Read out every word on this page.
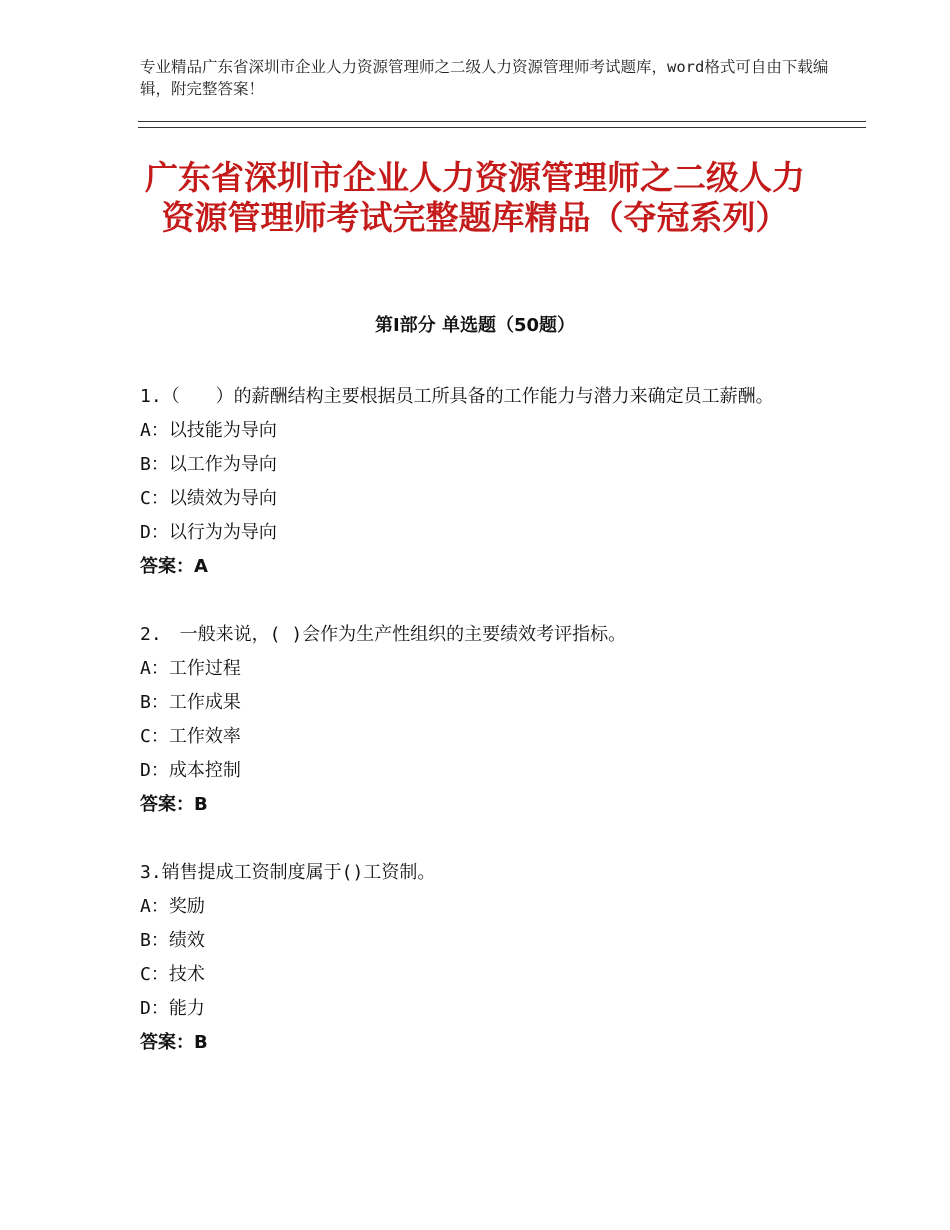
专业精品广东省深圳市企业人力资源管理师之二级人力资源管理师考试题库，word格式可自由下载编辑，附完整答案！
广东省深圳市企业人力资源管理师之二级人力资源管理师考试完整题库精品（夺冠系列）
第Ⅰ部分 单选题（50题）
1.（　　）的薪酬结构主要根据员工所具备的工作能力与潜力来确定员工薪酬。
A：以技能为导向
B：以工作为导向
C：以绩效为导向
D：以行为为导向
答案：A
2.　一般来说，( )会作为生产性组织的主要绩效考评指标。
A：工作过程
B：工作成果
C：工作效率
D：成本控制
答案：B
3.销售提成工资制度属于()工资制。
A：奖励
B：绩效
C：技术
D：能力
答案：B
